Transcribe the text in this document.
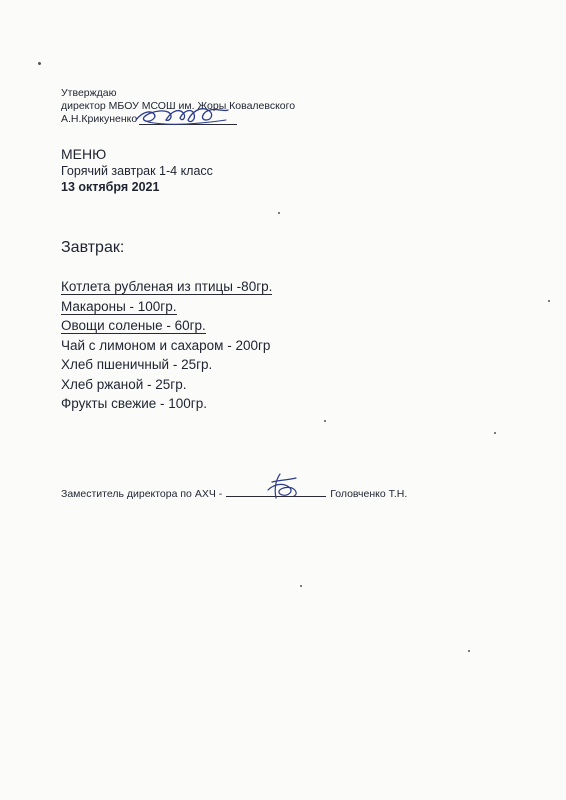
Утверждаю
директор МБОУ МСОШ им. Жоры Ковалевского
А.Н.Крикуненко
МЕНЮ
Горячий завтрак 1-4 класс
13 октября 2021
Завтрак:
Котлета рубленая из птицы -80гр.
Макароны - 100гр.
Овощи соленые - 60гр.
Чай с лимоном и сахаром - 200гр
Хлеб пшеничный - 25гр.
Хлеб ржаной - 25гр.
Фрукты свежие - 100гр.
Заместитель директора по АХЧ -	Головченко Т.Н.
